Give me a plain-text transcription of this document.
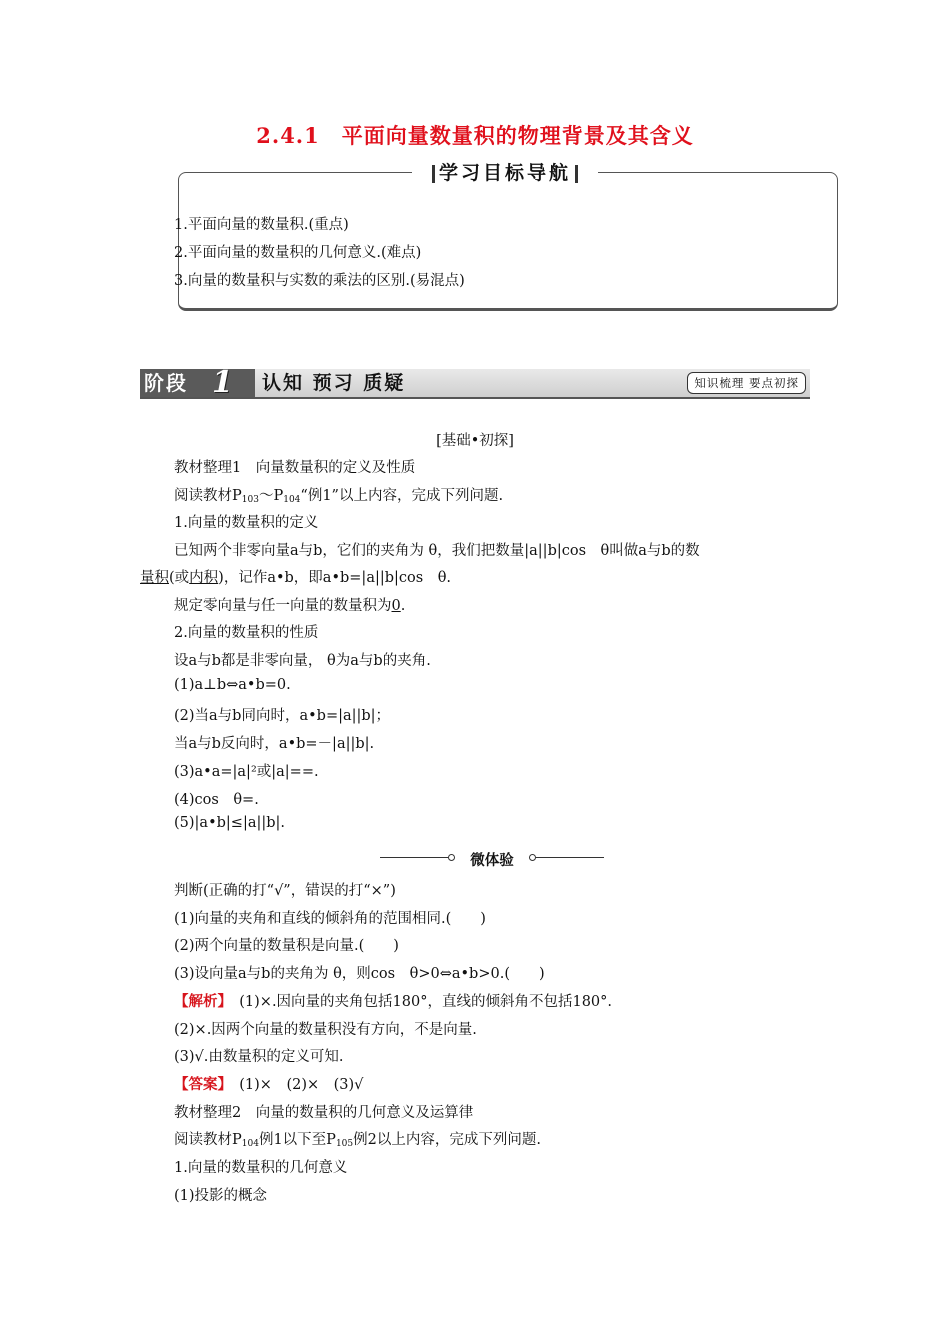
2.4.1　平面向量数量积的物理背景及其含义
学习目标导航
1.平面向量的数量积.(重点)
2.平面向量的数量积的几何意义.(难点)
3.向量的数量积与实数的乘法的区别.(易混点)
阶段 1 认知 预习 质疑	知识梳理 要点初探
[基础•初探]
教材整理1　向量数量积的定义及性质
阅读教材$P_{103}\sim P_{104}“$例1”以上内容，完成下列问题.
1.向量的数量积的定义
已知两个非零向量a与b，它们的夹角为 θ，我们把数量|a||b|cos　θ叫做a与b的数
量积(或内积)，记作a•b，即a•b=|a||b|cos　θ.
规定零向量与任一向量的数量积为0.
2.向量的数量积的性质
设a与b都是非零向量， θ为a与b的夹角.
(1)a⊥b⇔a•b=0.
(2)当a与b同向时，a•b=|a||b|；
当a与b反向时，a•b=－|a||b|.
(3)a•a=|a|²或|a|==.
(4)cos　θ=.
(5)|a•b|≤|a||b|.
微体验
判断(正确的打“√”，错误的打“×”)
(1)向量的夹角和直线的倾斜角的范围相同.(　　)
(2)两个向量的数量积是向量.(　　)
(3)设向量a与b的夹角为 θ，则cos　θ>0⇔a•b>0.(　　)
【解析】　(1)×.因向量的夹角包括180°，直线的倾斜角不包括180°.
(2)×.因两个向量的数量积没有方向，不是向量.
(3)√.由数量积的定义可知.
【答案】　(1)×　(2)×　(3)√
教材整理2　向量的数量积的几何意义及运算律
阅读教材$P_{104}$例1以下至$P_{105}$例2以上内容，完成下列问题.
1.向量的数量积的几何意义
(1)投影的概念
